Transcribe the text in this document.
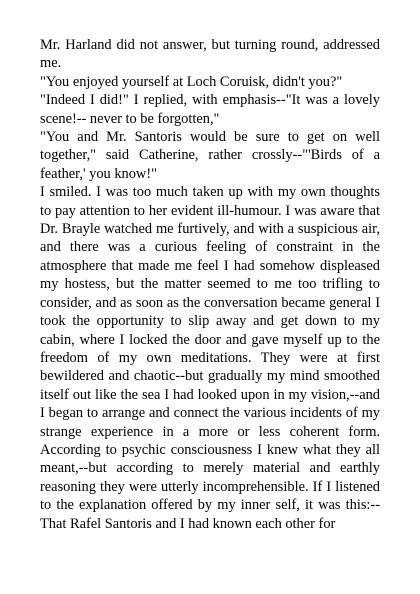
Mr. Harland did not answer, but turning round, addressed me.

"You enjoyed yourself at Loch Coruisk, didn't you?"

"Indeed I did!" I replied, with emphasis--"It was a lovely scene!-- never to be forgotten,"

"You and Mr. Santoris would be sure to get on well together," said Catherine, rather crossly--"'Birds of a feather,' you know!"

I smiled. I was too much taken up with my own thoughts to pay attention to her evident ill-humour. I was aware that Dr. Brayle watched me furtively, and with a suspicious air, and there was a curious feeling of constraint in the atmosphere that made me feel I had somehow displeased my hostess, but the matter seemed to me too trifling to consider, and as soon as the conversation became general I took the opportunity to slip away and get down to my cabin, where I locked the door and gave myself up to the freedom of my own meditations. They were at first bewildered and chaotic--but gradually my mind smoothed itself out like the sea I had looked upon in my vision,--and I began to arrange and connect the various incidents of my strange experience in a more or less coherent form. According to psychic consciousness I knew what they all meant,--but according to merely material and earthly reasoning they were utterly incomprehensible. If I listened to the explanation offered by my inner self, it was this:--That Rafel Santoris and I had known each other for
